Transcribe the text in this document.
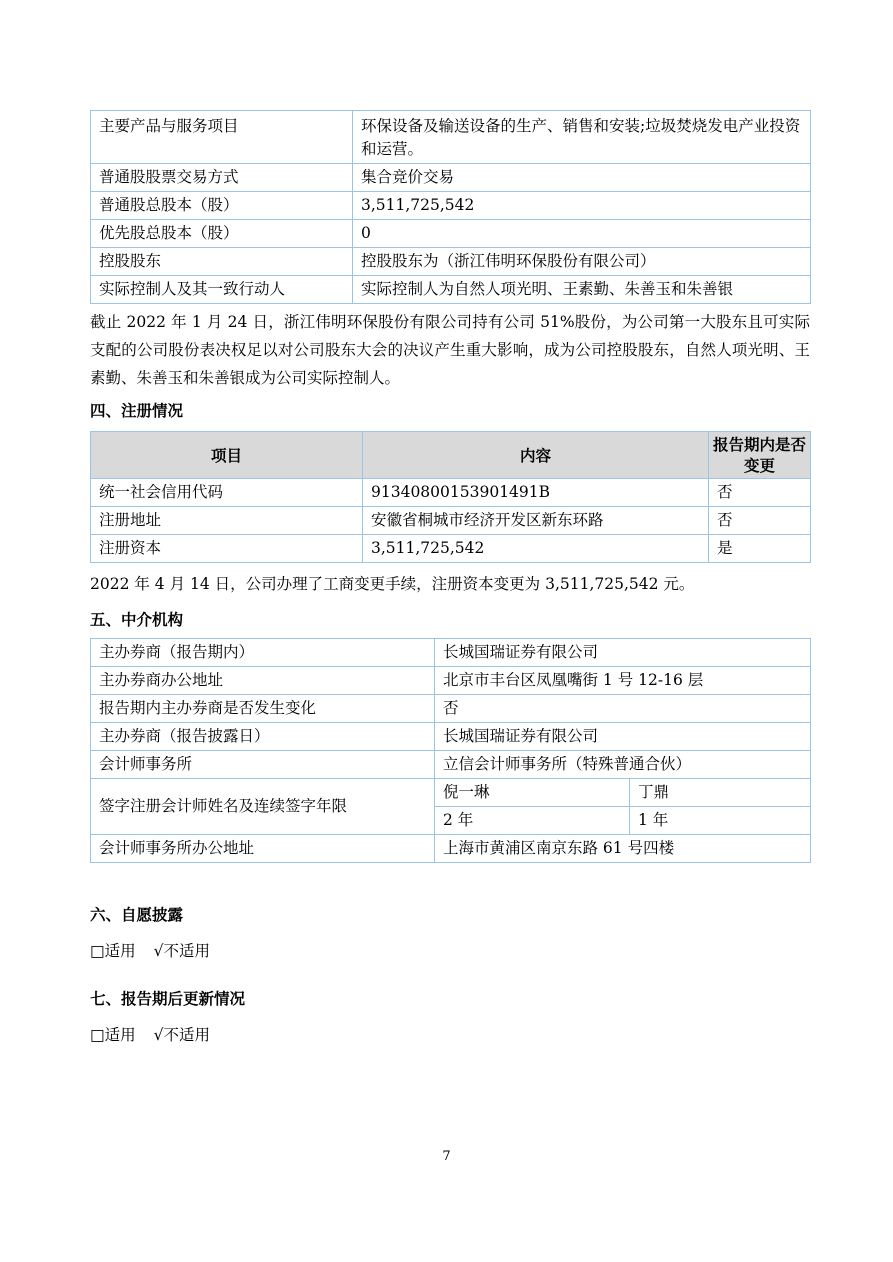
主要产品与服务项目	环保设备及输送设备的生产、销售和安装;垃圾焚烧发电产业投资和运营。
普通股股票交易方式	集合竞价交易
普通股总股本（股）	3,511,725,542
优先股总股本（股）	0
控股股东	控股股东为（浙江伟明环保股份有限公司）
实际控制人及其一致行动人	实际控制人为自然人项光明、王素勤、朱善玉和朱善银

截止 2022 年 1 月 24 日，浙江伟明环保股份有限公司持有公司 51%股份，为公司第一大股东且可实际支配的公司股份表决权足以对公司股东大会的决议产生重大影响，成为公司控股股东，自然人项光明、王素勤、朱善玉和朱善银成为公司实际控制人。

四、注册情况
项目	内容	报告期内是否变更
统一社会信用代码	91340800153901491B	否
注册地址	安徽省桐城市经济开发区新东环路	否
注册资本	3,511,725,542	是

2022 年 4 月 14 日，公司办理了工商变更手续，注册资本变更为 3,511,725,542 元。

五、中介机构
主办券商（报告期内）	长城国瑞证券有限公司	
主办券商办公地址	北京市丰台区凤凰嘴街 1 号 12-16 层	
报告期内主办券商是否发生变化	否	
主办券商（报告披露日）	长城国瑞证券有限公司	
会计师事务所	立信会计师事务所（特殊普通合伙）	
签字注册会计师姓名及连续签字年限	倪一琳	丁鼎
	2 年	1 年
会计师事务所办公地址	上海市黄浦区南京东路 61 号四楼	
六、自愿披露
□适用 √不适用
七、报告期后更新情况
□适用 √不适用
7
